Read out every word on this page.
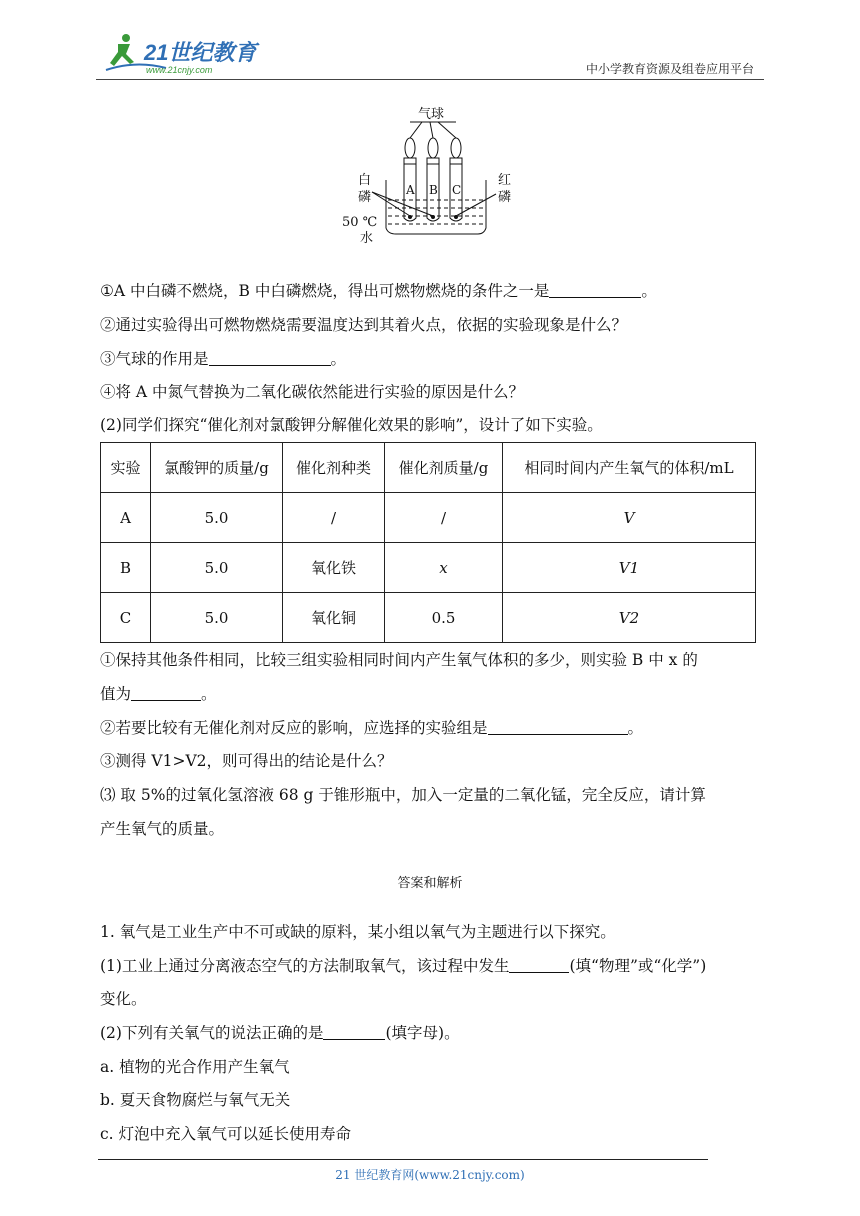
21世纪教育
www.21cnjy.com	中小学教育资源及组卷应用平台
气球
白
磷
红
磷
50 ℃
水
A B C
①A 中白磷不燃烧，B 中白磷燃烧，得出可燃物燃烧的条件之一是	。
②通过实验得出可燃物燃烧需要温度达到其着火点，依据的实验现象是什么？
③气球的作用是	。
④将 A 中氮气替换为二氧化碳依然能进行实验的原因是什么？
(2)同学们探究“催化剂对氯酸钾分解催化效果的影响”，设计了如下实验。
实验	氯酸钾的质量/g	催化剂种类	催化剂质量/g	相同时间内产生氧气的体积/mL
A	5.0	/	/	V
B	5.0	氧化铁	x	V1
C	5.0	氧化铜	0.5	V2
①保持其他条件相同，比较三组实验相同时间内产生氧气体积的多少，则实验 B 中 x 的
值为	。
②若要比较有无催化剂对反应的影响，应选择的实验组是	。
③测得 V1>V2，则可得出的结论是什么？
⑶ 取 5%的过氧化氢溶液 68 g 于锥形瓶中，加入一定量的二氧化锰，完全反应，请计算
产生氧气的质量。
答案和解析
1. 氧气是工业生产中不可或缺的原料，某小组以氧气为主题进行以下探究。
(1)工业上通过分离液态空气的方法制取氧气，该过程中发生	(填“物理”或“化学”)
变化。
(2)下列有关氧气的说法正确的是	(填字母)。
a. 植物的光合作用产生氧气
b. 夏天食物腐烂与氧气无关
c. 灯泡中充入氧气可以延长使用寿命
21 世纪教育网(www.21cnjy.com)
